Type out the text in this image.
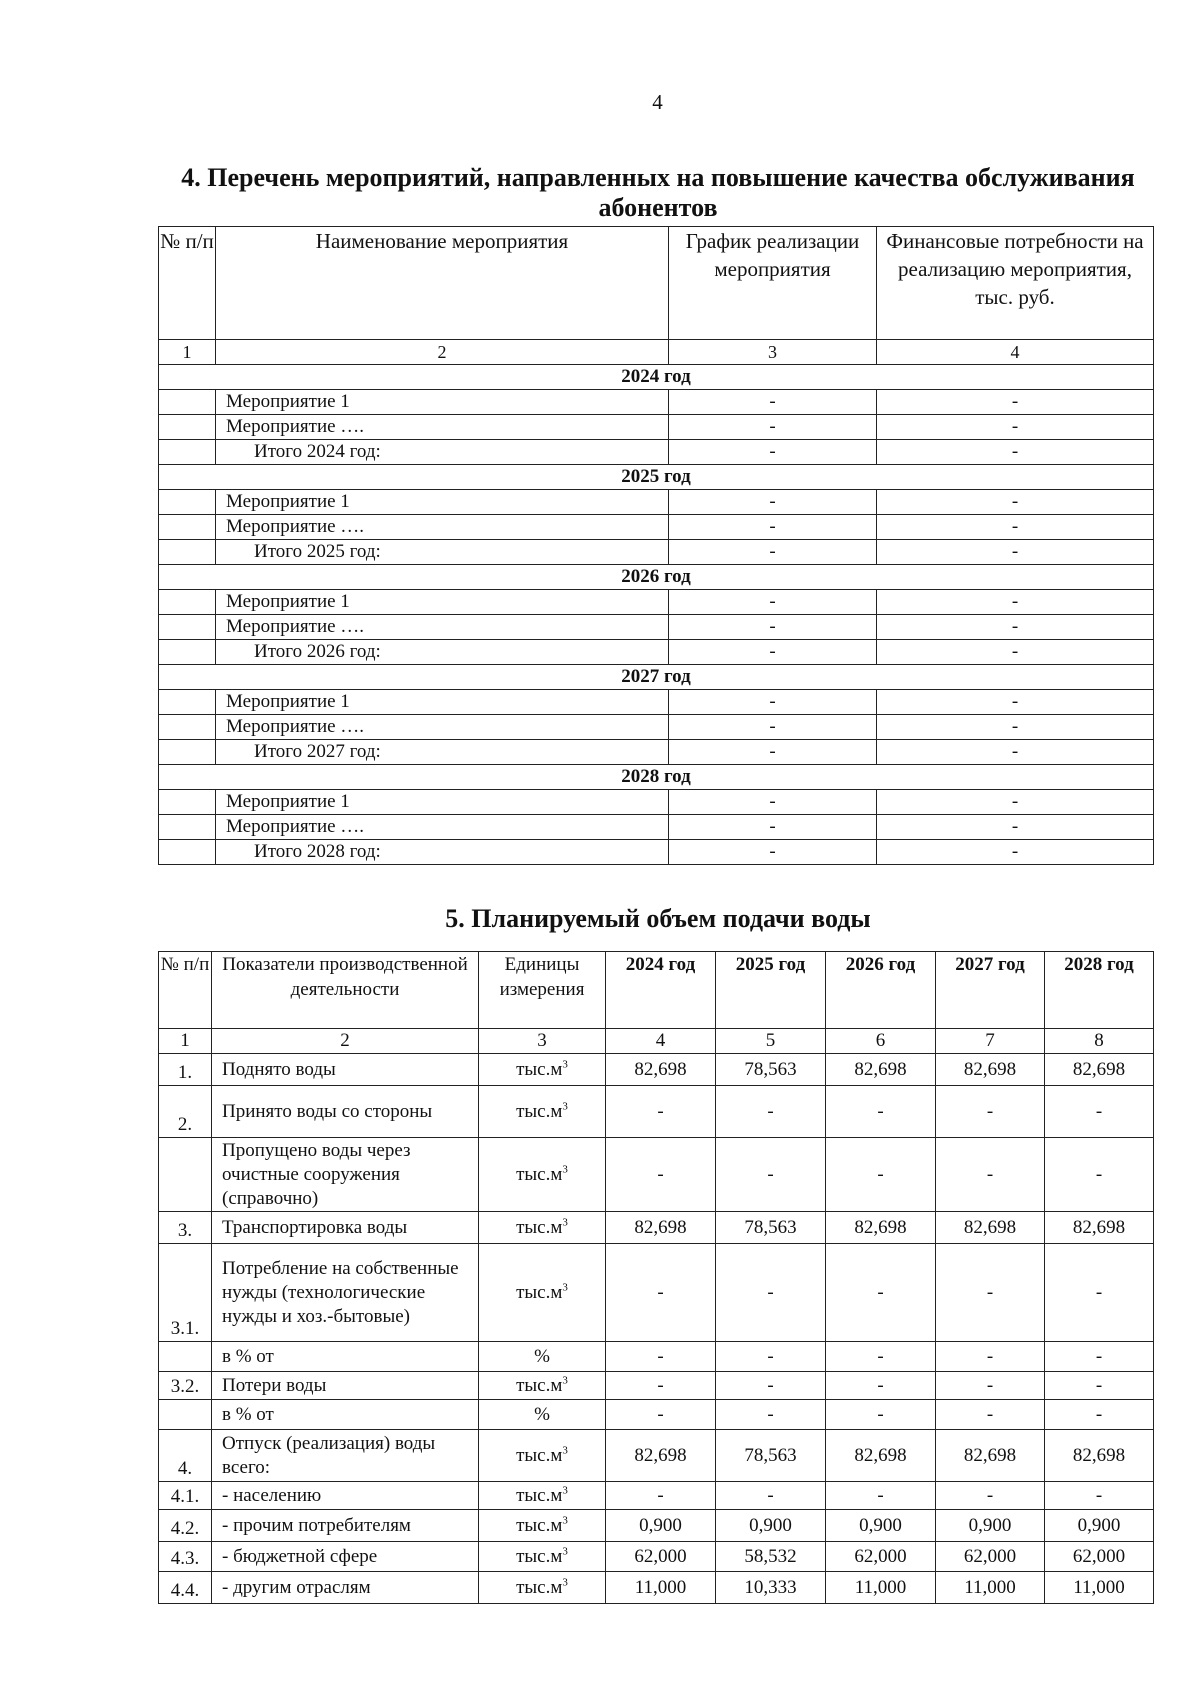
4
4. Перечень мероприятий, направленных на повышение качества обслуживания абонентов
№ п/п	Наименование мероприятия	График реализации мероприятия	Финансовые потребности на реализацию мероприятия, тыс. руб.
1	2	3	4
2024 год			
	Мероприятие 1	-	-
	Мероприятие ….	-	-
	Итого 2024 год:	-	-
2025 год			
	Мероприятие 1	-	-
	Мероприятие ….	-	-
	Итого 2025 год:	-	-
2026 год			
	Мероприятие 1	-	-
	Мероприятие ….	-	-
	Итого 2026 год:	-	-
2027 год			
	Мероприятие 1	-	-
	Мероприятие ….	-	-
	Итого 2027 год:	-	-
2028 год			
	Мероприятие 1	-	-
	Мероприятие ….	-	-
	Итого 2028 год:	-	-
5. Планируемый объем подачи воды
№ п/п	Показатели производственной деятельности	Единицы измерения	2024 год	2025 год	2026 год	2027 год	2028 год
1	2	3	4	5	6	7	8
1.	Поднято воды	$тыс.м^3$	82,698	78,563	82,698	82,698	82,698
2.	Принято воды со стороны	$тыс.м^3$	-	-	-	-	-
	Пропущено воды через очистные сооружения (справочно)	$тыс.м^3$	-	-	-	-	-
3.	Транспортировка воды	$тыс.м^3$	82,698	78,563	82,698	82,698	82,698
3.1.	Потребление на собственные нужды (технологические нужды и хоз.-бытовые)	$тыс.м^3$	-	-	-	-	-
	в % от	%	-	-	-	-	-
3.2.	Потери воды	$тыс.м^3$	-	-	-	-	-
	в % от	%	-	-	-	-	-
4.	Отпуск (реализация) воды всего:	$тыс.м^3$	82,698	78,563	82,698	82,698	82,698
4.1.	- населению	$тыс.м^3$	-	-	-	-	-
4.2.	- прочим потребителям	$тыс.м^3$	0,900	0,900	0,900	0,900	0,900
4.3.	- бюджетной сфере	$тыс.м^3$	62,000	58,532	62,000	62,000	62,000
4.4.	- другим отраслям	$тыс.м^3$	11,000	10,333	11,000	11,000	11,000
